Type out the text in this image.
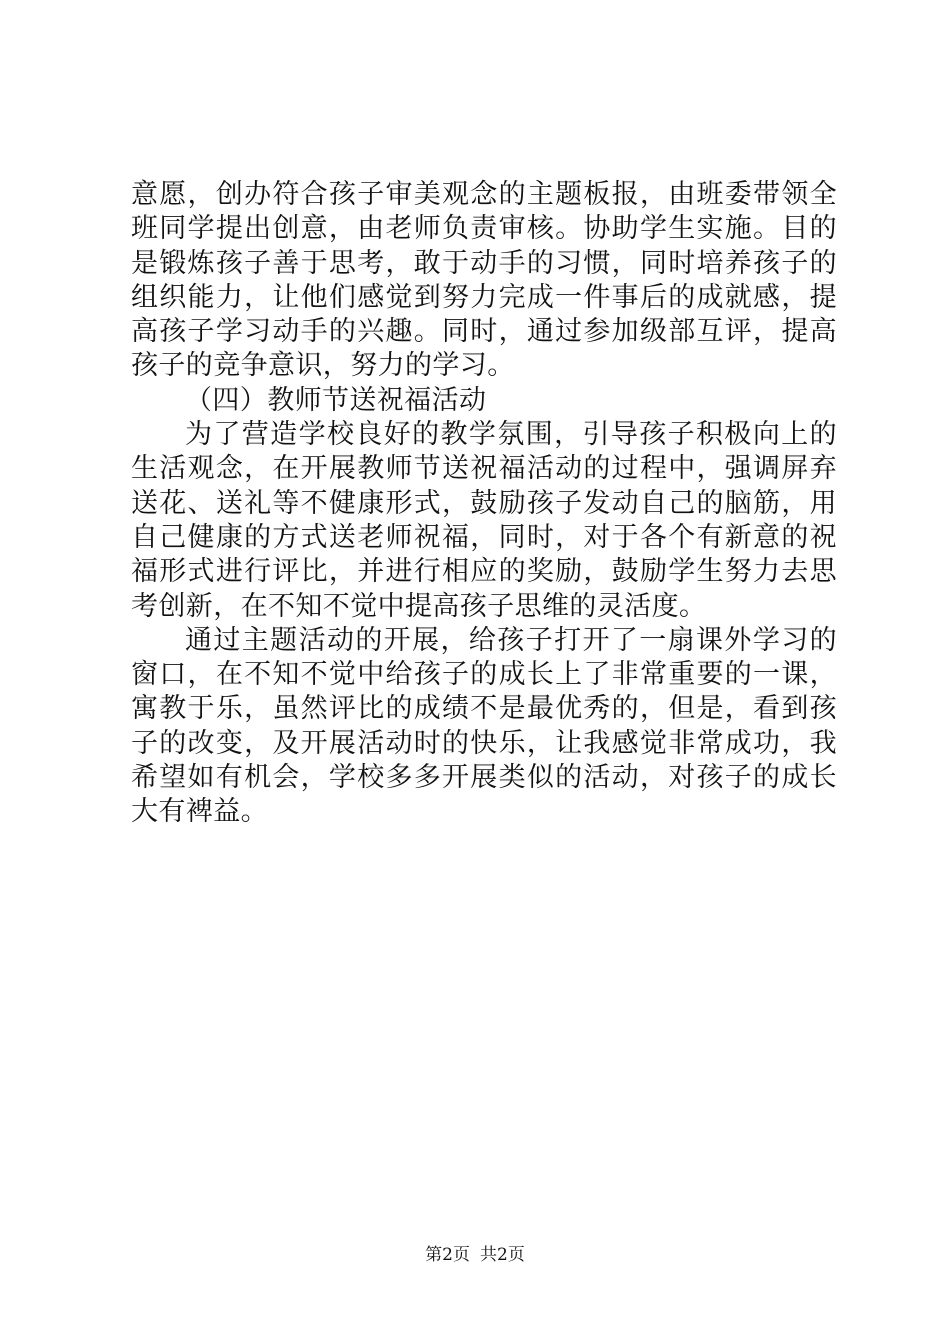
意愿，创办符合孩子审美观念的主题板报，由班委带领全班同学提出创意，由老师负责审核。协助学生实施。目的是锻炼孩子善于思考，敢于动手的习惯，同时培养孩子的组织能力，让他们感觉到努力完成一件事后的成就感，提高孩子学习动手的兴趣。同时，通过参加级部互评，提高孩子的竞争意识，努力的学习。

（四）教师节送祝福活动

为了营造学校良好的教学氛围，引导孩子积极向上的生活观念，在开展教师节送祝福活动的过程中，强调屏弃送花、送礼等不健康形式，鼓励孩子发动自己的脑筋，用自己健康的方式送老师祝福，同时，对于各个有新意的祝福形式进行评比，并进行相应的奖励，鼓励学生努力去思考创新，在不知不觉中提高孩子思维的灵活度。

通过主题活动的开展，给孩子打开了一扇课外学习的窗口，在不知不觉中给孩子的成长上了非常重要的一课，寓教于乐，虽然评比的成绩不是最优秀的，但是，看到孩子的改变，及开展活动时的快乐，让我感觉非常成功，我希望如有机会，学校多多开展类似的活动，对孩子的成长大有裨益。

第2页 共2页
